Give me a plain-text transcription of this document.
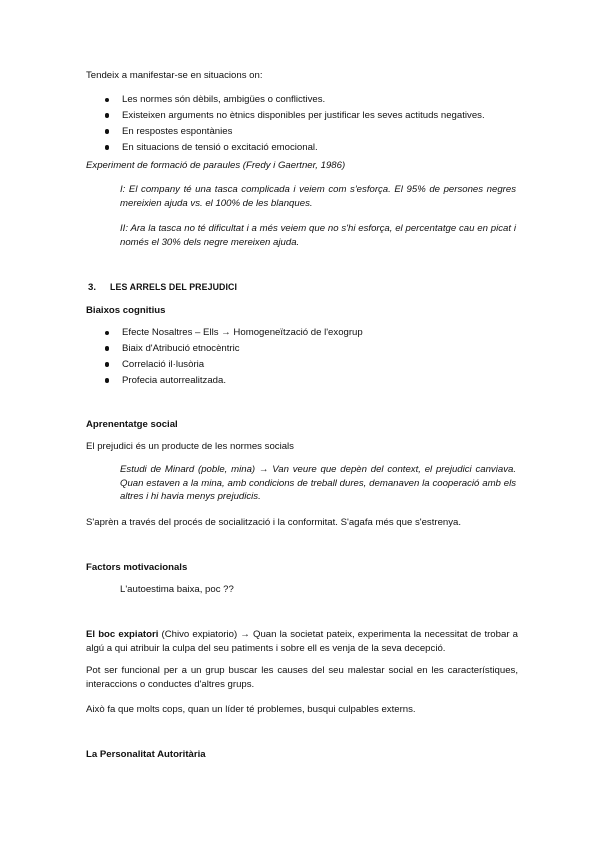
Tendeix a manifestar-se en situacions on:

Les normes són dèbils, ambigües o conflictives.
Existeixen arguments no ètnics disponibles per justificar les seves actituds negatives.
En respostes espontànies
En situacions de tensió o excitació emocional.

Experiment de formació de paraules (Fredy i Gaertner, 1986)

I: El company té una tasca complicada i veiem com s'esforça. El 95% de persones negres mereixien ajuda vs. el 100% de les blanques.

II: Ara la tasca no té dificultat i a més veiem que no s'hi esforça, el percentatge cau en picat i només el 30% dels negre mereixen ajuda.

3. LES ARRELS DEL PREJUDICI

Biaixos cognitius

Efecte Nosaltres – Ells → Homogeneïtzació de l'exogrup
Biaix d'Atribució etnocèntric
Correlació il·lusòria
Profecia autorrealitzada.

Aprenentatge social

El prejudici és un producte de les normes socials

Estudi de Minard (poble, mina) → Van veure que depèn del context, el prejudici canviava. Quan estaven a la mina, amb condicions de treball dures, demanaven la cooperació amb els altres i hi havia menys prejudicis.

S'aprèn a través del procés de socialització i la conformitat. S'agafa més que s'estrenya.

Factors motivacionals

L'autoestima baixa, poc ??

El boc expiatori (Chivo expiatorio) → Quan la societat pateix, experimenta la necessitat de trobar a algú a qui atribuir la culpa del seu patiments i sobre ell es venja de la seva decepció.

Pot ser funcional per a un grup buscar les causes del seu malestar social en les característiques, interaccions o conductes d'altres grups.

Això fa que molts cops, quan un líder té problemes, busqui culpables externs.

La Personalitat Autoritària
